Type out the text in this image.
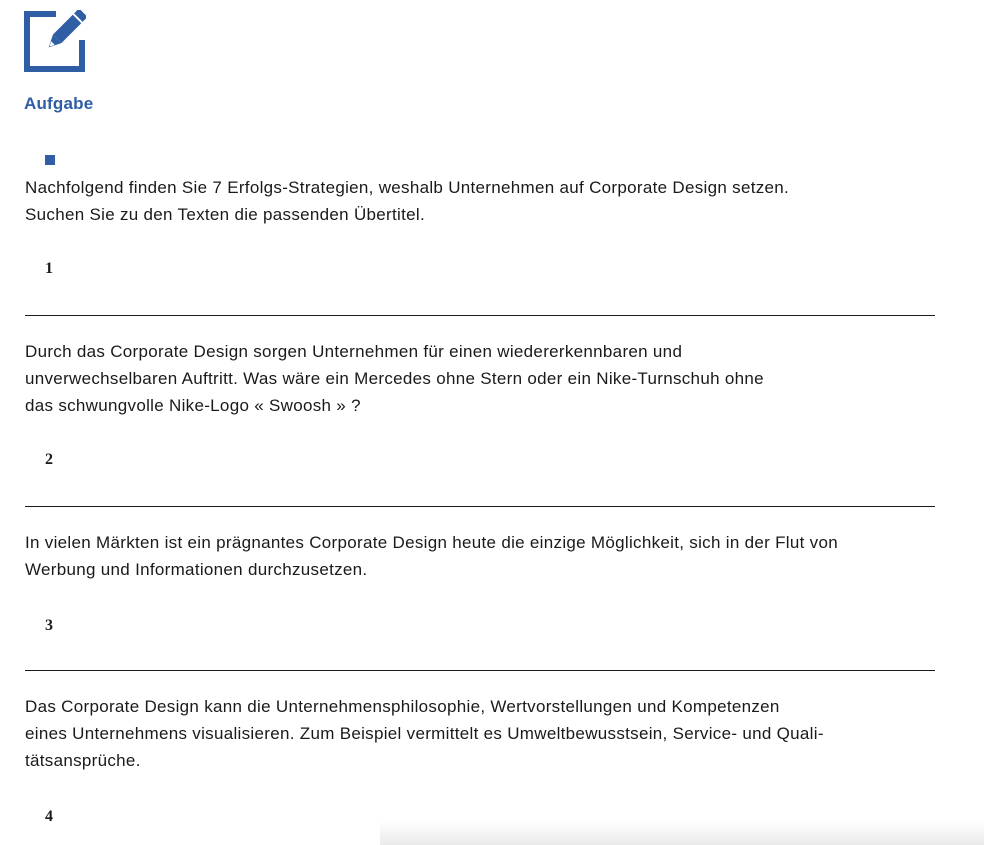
Aufgabe
Nachfolgend finden Sie 7 Erfolgs-Strategien, weshalb Unternehmen auf Corporate Design setzen.
Suchen Sie zu den Texten die passenden Übertitel.
1
Durch das Corporate Design sorgen Unternehmen für einen wiedererkennbaren und
unverwechselbaren Auftritt. Was wäre ein Mercedes ohne Stern oder ein Nike-Turnschuh ohne
das schwungvolle Nike-Logo « Swoosh » ?
2
In vielen Märkten ist ein prägnantes Corporate Design heute die einzige Möglichkeit, sich in der Flut von
Werbung und Informationen durchzusetzen.
3
Das Corporate Design kann die Unternehmensphilosophie, Wertvorstellungen und Kompetenzen
eines Unternehmens visualisieren. Zum Beispiel vermittelt es Umweltbewusstsein, Service- und Quali-
tätsansprüche.
4
